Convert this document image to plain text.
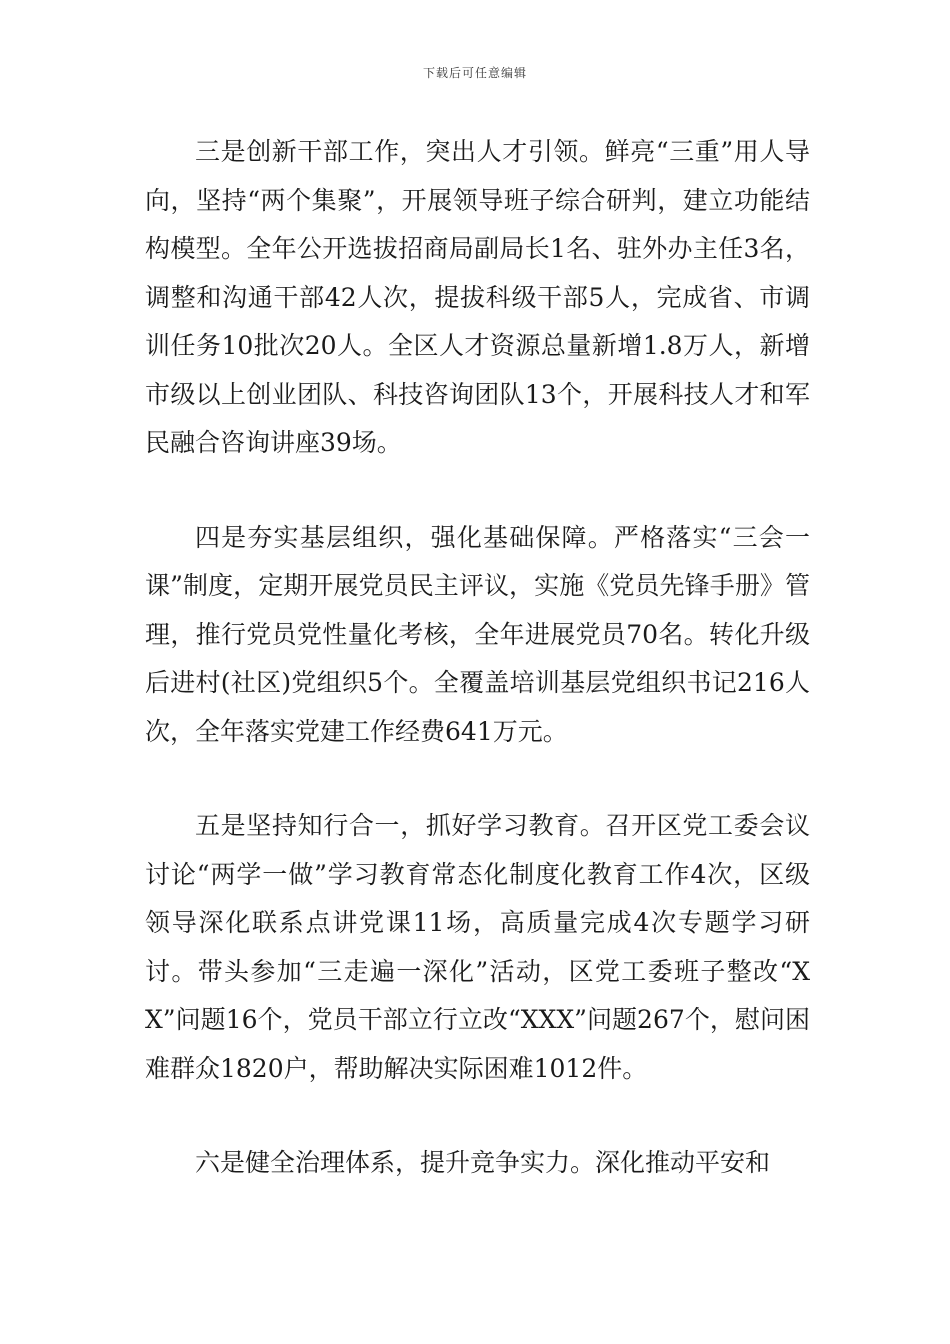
下载后可任意编辑

三是创新干部工作，突出人才引领。鲜亮“三重”用人导向，坚持“两个集聚”，开展领导班子综合研判，建立功能结构模型。全年公开选拔招商局副局长1名、驻外办主任3名，调整和沟通干部42人次，提拔科级干部5人，完成省、市调训任务10批次20人。全区人才资源总量新增1.8万人，新增市级以上创业团队、科技咨询团队13个，开展科技人才和军民融合咨询讲座39场。

四是夯实基层组织，强化基础保障。严格落实“三会一课”制度，定期开展党员民主评议，实施《党员先锋手册》管理，推行党员党性量化考核，全年进展党员70名。转化升级后进村(社区)党组织5个。全覆盖培训基层党组织书记216人次，全年落实党建工作经费641万元。

五是坚持知行合一，抓好学习教育。召开区党工委会议讨论“两学一做”学习教育常态化制度化教育工作4次，区级领导深化联系点讲党课11场，高质量完成4次专题学习研讨。带头参加“三走遍一深化”活动，区党工委班子整改“XX”问题16个，党员干部立行立改“XXX”问题267个，慰问困难群众1820户，帮助解决实际困难1012件。

六是健全治理体系，提升竞争实力。深化推动平安和
